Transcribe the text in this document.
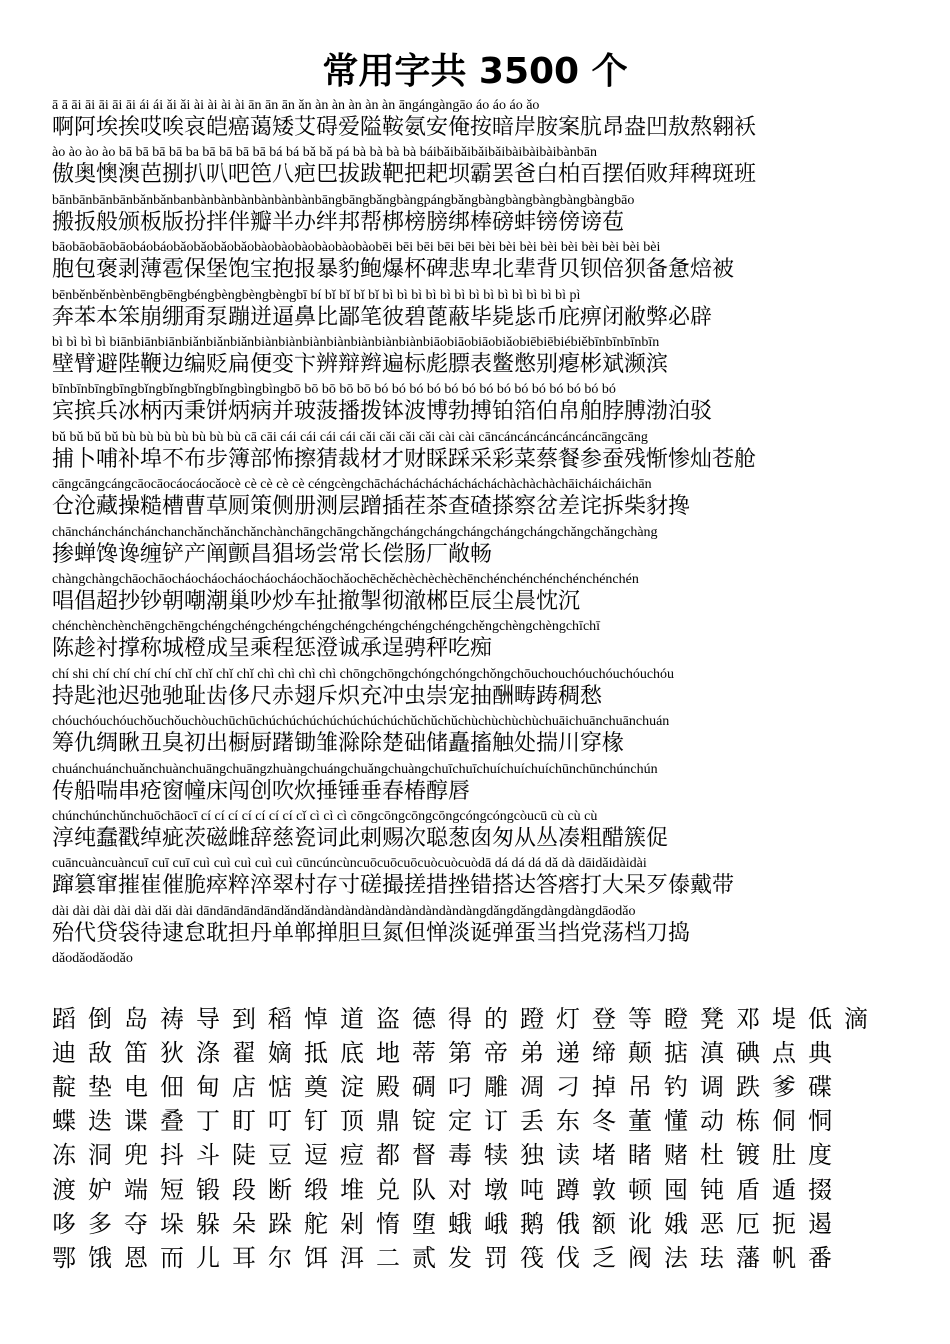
常用字共 3500 个
ā ā āi āi āi āi āi ái ái ǎi ǎi ài ài ài ài ān ān ān ǎn àn àn àn àn àn āngángàngāo áo áo áo ǎo
啊阿埃挨哎唉哀皑癌蔼矮艾碍爱隘鞍氨安俺按暗岸胺案肮昂盎凹敖熬翱袄
ào ào ào ào bā bā bā bā ba bā bā bā bā bá bá bǎ bǎ pá bà bà bà bà báibǎibǎibǎibǎibàibàibàibànbān
傲奥懊澳芭捌扒叭吧笆八疤巴拔跋靶把耙坝霸罢爸白柏百摆佰败拜稗斑班
bānbānbānbānbǎnbǎnbanbànbànbànbànbànbànbāngbāngbǎngbàngpángbǎngbàngbàngbàngbàngbàngbāo
搬扳般颁板版扮拌伴瓣半办绊邦帮梆榜膀绑棒磅蚌镑傍谤苞
bāobāobāobāobáobáobǎobǎobǎobǎobàobàobàobàobàobàobēi bēi bēi bēi bēi bèi bèi bèi bèi bèi bèi bèi bèi bèi
胞包褒剥薄雹保堡饱宝抱报暴豹鲍爆杯碑悲卑北辈背贝钡倍狈备惫焙被
bēnběnběnbènbēngbēngbéngbèngbèngbèngbī bí bǐ bǐ bǐ bǐ bì bì bì bì bì bì bì bì bì bì bì bì bì pì
奔苯本笨崩绷甭泵蹦迸逼鼻比鄙笔彼碧蓖蔽毕毙毖币庇痹闭敝弊必辟
bì bì bì bì biānbiānbiānbiǎnbiǎnbiǎnbiànbiànbiànbiànbiànbiànbiànbiāobiāobiāobiǎobiēbiēbiébiěbīnbīnbīnbīn
壁臂避陛鞭边编贬扁便变卞辨辩辫遍标彪膘表鳖憋别瘪彬斌濒滨
bīnbīnbīngbīngbǐngbǐngbǐngbǐngbìngbìngbō bō bō bō bō bó bó bó bó bó bó bó bó bó bó bó bó bó bó
宾摈兵冰柄丙秉饼炳病并玻菠播拨钵波博勃搏铂箔伯帛舶脖膊渤泊驳
bǔ bǔ bǔ bǔ bù bù bù bù bù bù bù cā cāi cái cái cái cái cǎi cǎi cǎi cǎi cài cài cāncáncáncáncáncáncāngcāng
捕卜哺补埠不布步簿部怖擦猜裁材才财睬踩采彩菜蔡餐参蚕残惭惨灿苍舱
cāngcāngcángcāocāocáocáocǎocè cè cè cè cè céngcèngchāchácháchácháchácháchàchàchàchāicháicháichān
仓沧藏操糙槽曹草厕策侧册测层蹭插茬茶查碴搽察岔差诧拆柴豺搀
chānchánchánchánchanchǎnchǎnchǎnchànchāngchāngchǎngchángchángchángchángchángchǎngchǎngchàng
掺蝉馋谗缠铲产阐颤昌猖场尝常长偿肠厂敞畅
chàngchàngchāochāocháocháocháocháocháochǎochǎochēchěchèchèchèchēnchénchénchénchénchénchén
唱倡超抄钞朝嘲潮巢吵炒车扯撤掣彻澈郴臣辰尘晨忱沉
chénchènchènchēngchēngchéngchéngchéngchéngchéngchéngchéngchéngchěngchèngchèngchīchī
陈趁衬撑称城橙成呈乘程惩澄诚承逞骋秤吃痴
chí shi chí chí chí chí chǐ chǐ chǐ chǐ chì chì chì chì chōngchōngchóngchóngchǒngchōuchouchóuchóuchóuchóu
持匙池迟弛驰耻齿侈尺赤翅斥炽充冲虫崇宠抽酬畴踌稠愁
chóuchóuchóuchǒuchǒuchòuchūchūchúchúchúchúchúchúchúchǔchǔchǔchùchùchùchùchuāichuānchuānchuán
筹仇绸瞅丑臭初出橱厨躇锄雏滁除楚础储矗搐触处揣川穿椽
chuánchuánchuǎnchuànchuāngchuāngzhuàngchuángchuǎngchuàngchuīchuīchuíchuíchuíchūnchūnchúnchún
传船喘串疮窗幢床闯创吹炊捶锤垂春椿醇唇
chúnchúnchǔnchuōchāocī cí cí cí cí cí cí cí cǐ cì cì cì cōngcōngcōngcōngcóngcóngcòucū cù cù cù
淳纯蠢戳绰疵茨磁雌辞慈瓷词此刺赐次聪葱囱匆从丛凑粗醋簇促
cuāncuàncuàncuī cuī cuī cuì cuì cuì cuì cuì cūncúncùncuōcuōcuōcuòcuòcuòdā dá dá dá dǎ dà dāidǎidàidài
蹿篡窜摧崔催脆瘁粹淬翠村存寸磋撮搓措挫错搭达答瘩打大呆歹傣戴带
dài dài dài dài dài dǎi dài dāndāndāndāndǎndǎndàndàndàndàndàndàndàndàngdǎngdǎngdàngdàngdāodǎo
殆代贷袋待逮怠耽担丹单郸掸胆旦氮但惮淡诞弹蛋当挡党荡档刀捣
dǎodǎodǎodǎo
蹈倒岛祷导到稻悼道盗德得的蹬灯登等瞪凳邓堤低滴
迪敌笛狄涤翟嫡抵底地蒂第帝弟递缔颠掂滇碘点典
靛垫电佃甸店惦奠淀殿碉叼雕凋刁掉吊钓调跌爹碟
蝶迭谍叠丁盯叮钉顶鼎锭定订丢东冬董懂动栋侗恫
冻洞兜抖斗陡豆逗痘都督毒犊独读堵睹赌杜镀肚度
渡妒端短锻段断缎堆兑队对墩吨蹲敦顿囤钝盾遁掇
哆多夺垛躲朵跺舵剁惰堕蛾峨鹅俄额讹娥恶厄扼遏
鄂饿恩而儿耳尔饵洱二贰发罚筏伐乏阀法珐藩帆番
